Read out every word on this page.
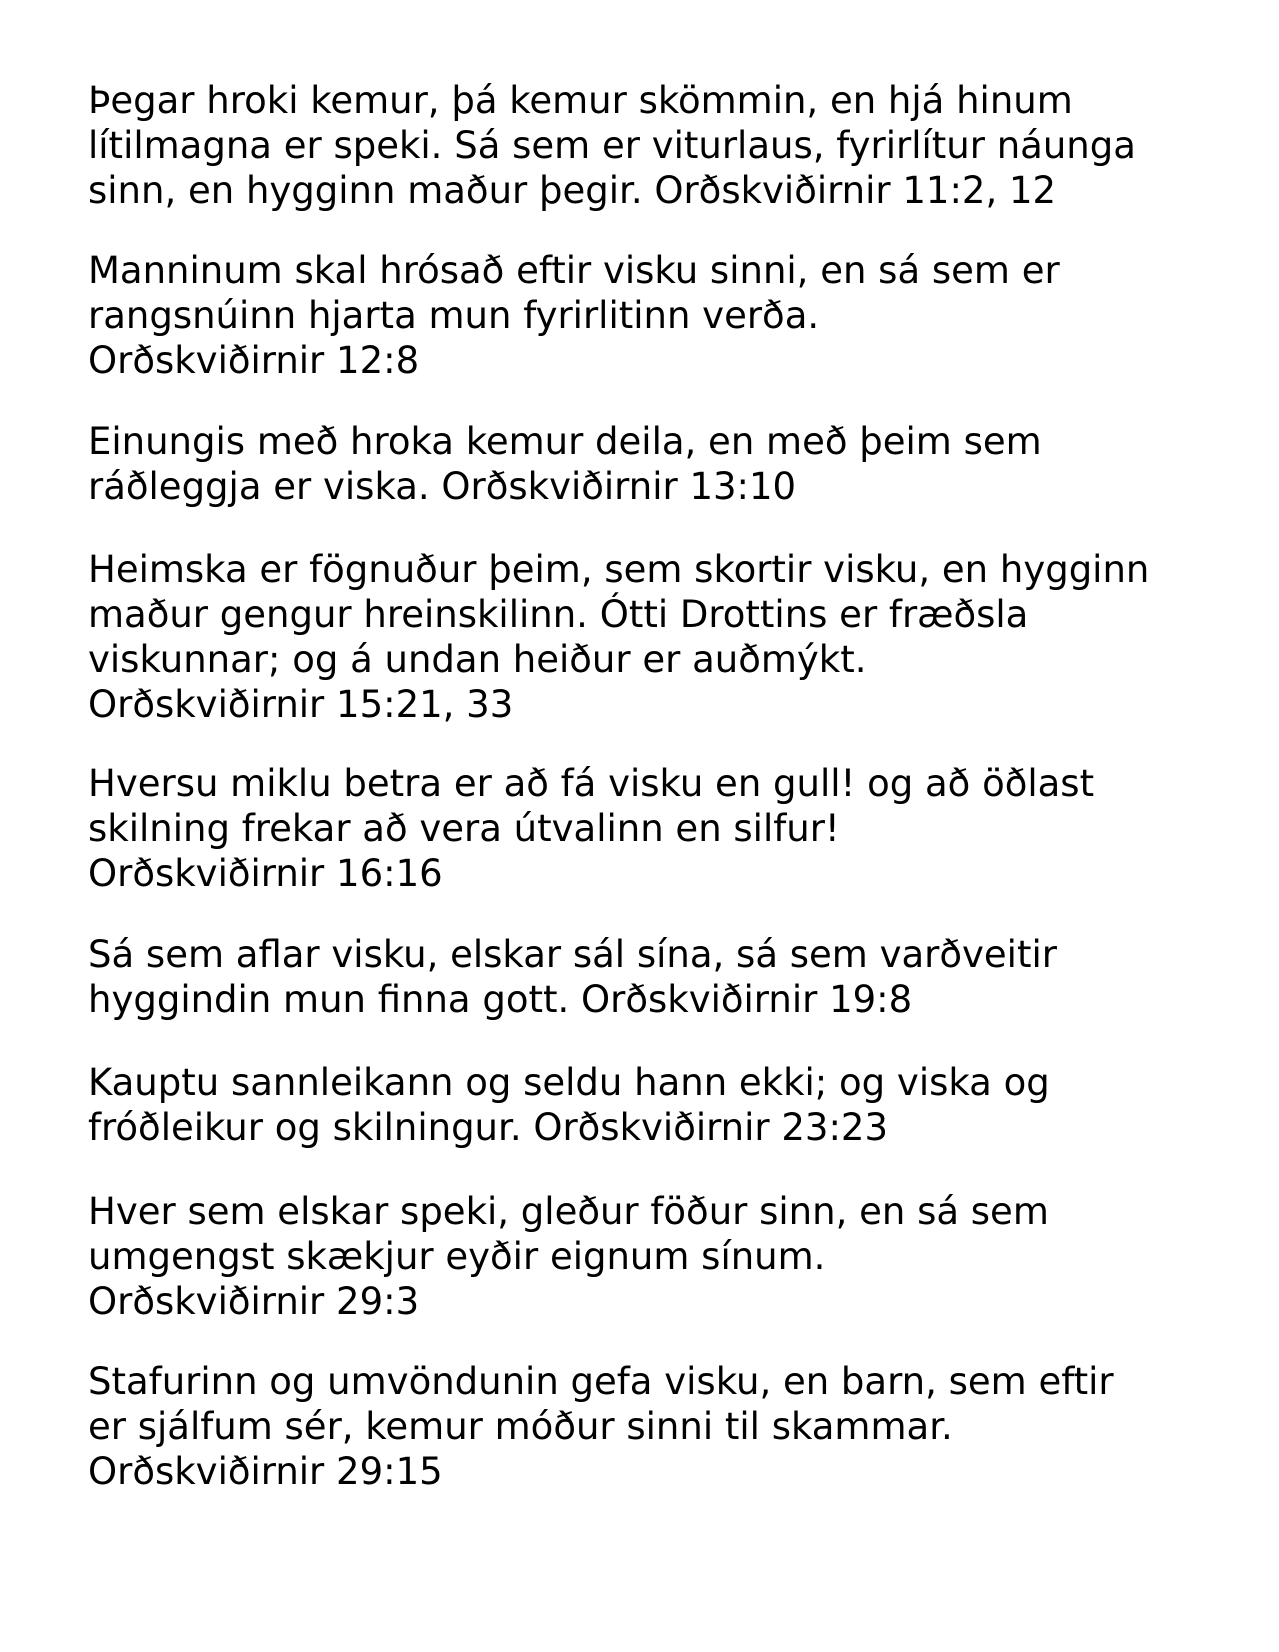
Þegar hroki kemur, þá kemur skömmin, en hjá hinum
lítilmagna er speki. Sá sem er viturlaus, fyrirlítur náunga
sinn, en hygginn maður þegir. Orðskviðirnir 11:2, 12

Manninum skal hrósað eftir visku sinni, en sá sem er
rangsnúinn hjarta mun fyrirlitinn verða.
Orðskviðirnir 12:8

Einungis með hroka kemur deila, en með þeim sem
ráðleggja er viska. Orðskviðirnir 13:10

Heimska er fögnuður þeim, sem skortir visku, en hygginn
maður gengur hreinskilinn. Ótti Drottins er fræðsla
viskunnar; og á undan heiður er auðmýkt.
Orðskviðirnir 15:21, 33

Hversu miklu betra er að fá visku en gull! og að öðlast
skilning frekar að vera útvalinn en silfur!
Orðskviðirnir 16:16

Sá sem aflar visku, elskar sál sína, sá sem varðveitir
hyggindin mun finna gott. Orðskviðirnir 19:8

Kauptu sannleikann og seldu hann ekki; og viska og
fróðleikur og skilningur. Orðskviðirnir 23:23

Hver sem elskar speki, gleður föður sinn, en sá sem
umgengst skækjur eyðir eignum sínum.
Orðskviðirnir 29:3

Stafurinn og umvöndunin gefa visku, en barn, sem eftir
er sjálfum sér, kemur móður sinni til skammar.
Orðskviðirnir 29:15
